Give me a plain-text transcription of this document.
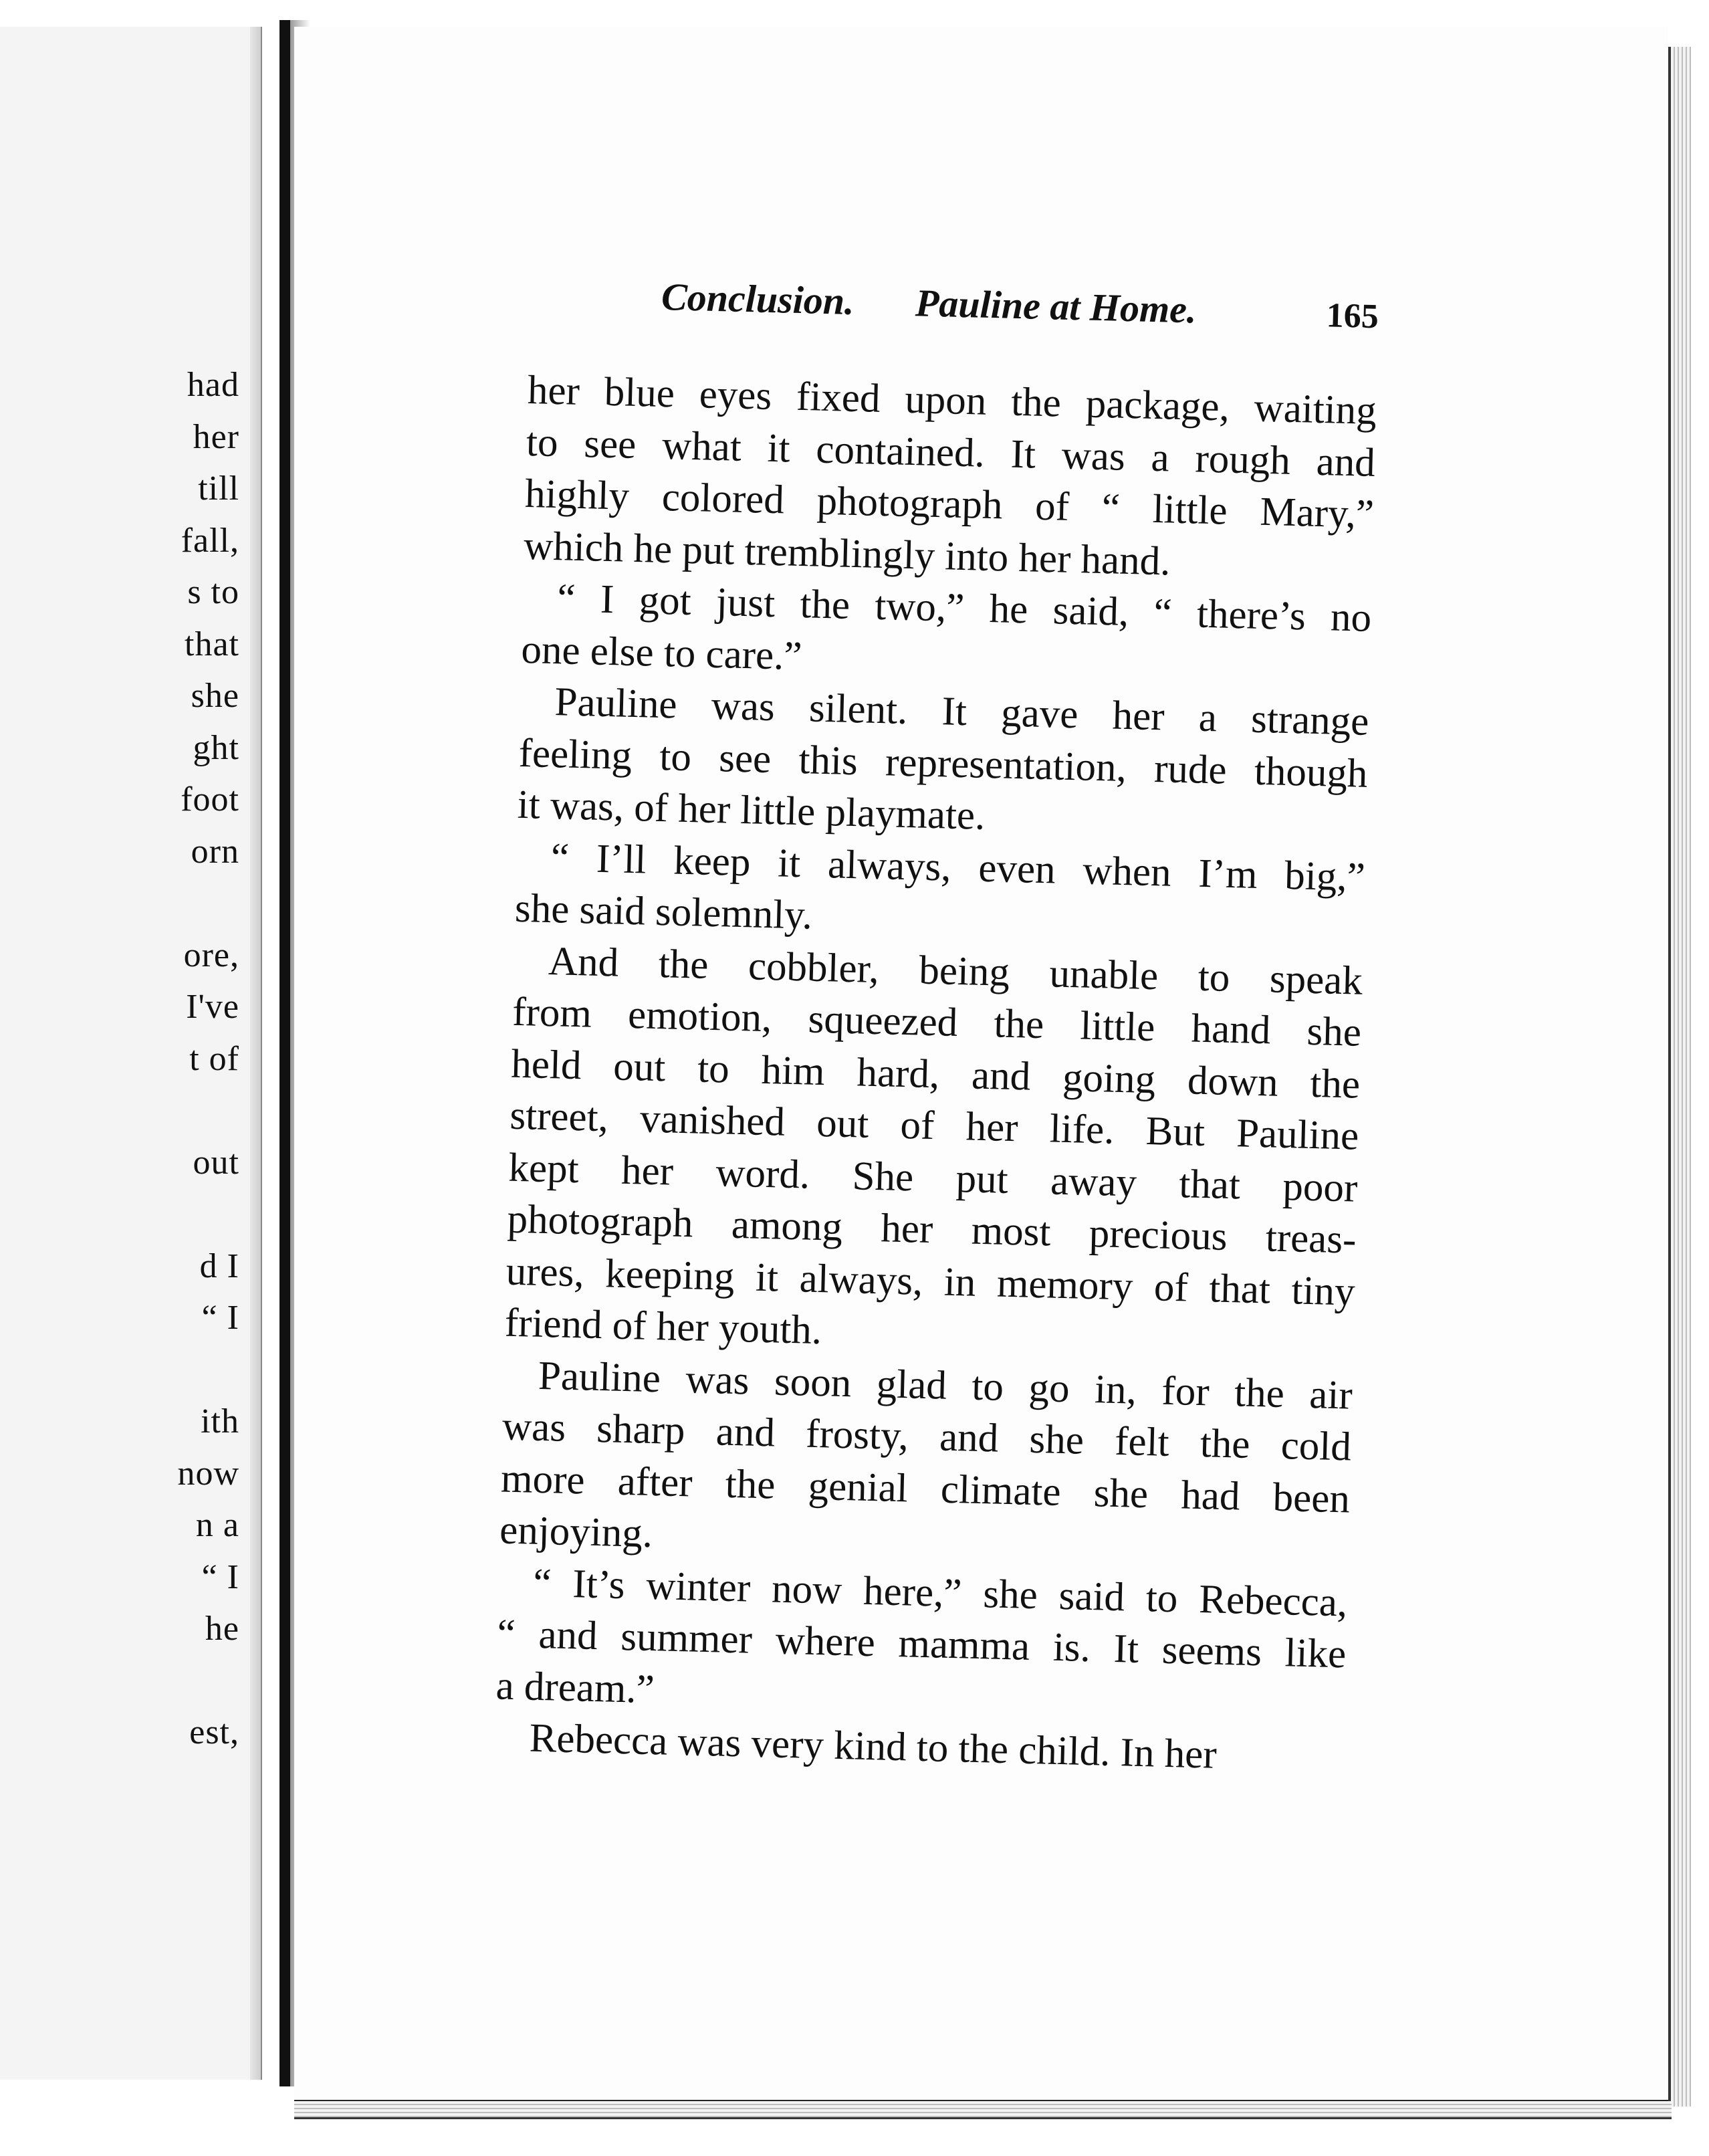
had
her
till
fall,
s to
that
she
ght
foot
orn
ore,
I've
t of
out
d I
“ I
ith
now
n a
“ I
he
est,
Conclusion. Pauline at Home.	165
her blue eyes fixed upon the package, waiting
to see what it contained. It was a rough and
highly colored photograph of “ little Mary,”
which he put tremblingly into her hand.
“ I got just the two,” he said, “ there’s no
one else to care.”
Pauline was silent. It gave her a strange
feeling to see this representation, rude though
it was, of her little playmate.
“ I’ll keep it always, even when I’m big,”
she said solemnly.
And the cobbler, being unable to speak
from emotion, squeezed the little hand she
held out to him hard, and going down the
street, vanished out of her life. But Pauline
kept her word. She put away that poor
photograph among her most precious treas-
ures, keeping it always, in memory of that tiny
friend of her youth.
Pauline was soon glad to go in, for the air
was sharp and frosty, and she felt the cold
more after the genial climate she had been
enjoying.
“ It’s winter now here,” she said to Rebecca,
“ and summer where mamma is. It seems like
a dream.”
Rebecca was very kind to the child. In her
